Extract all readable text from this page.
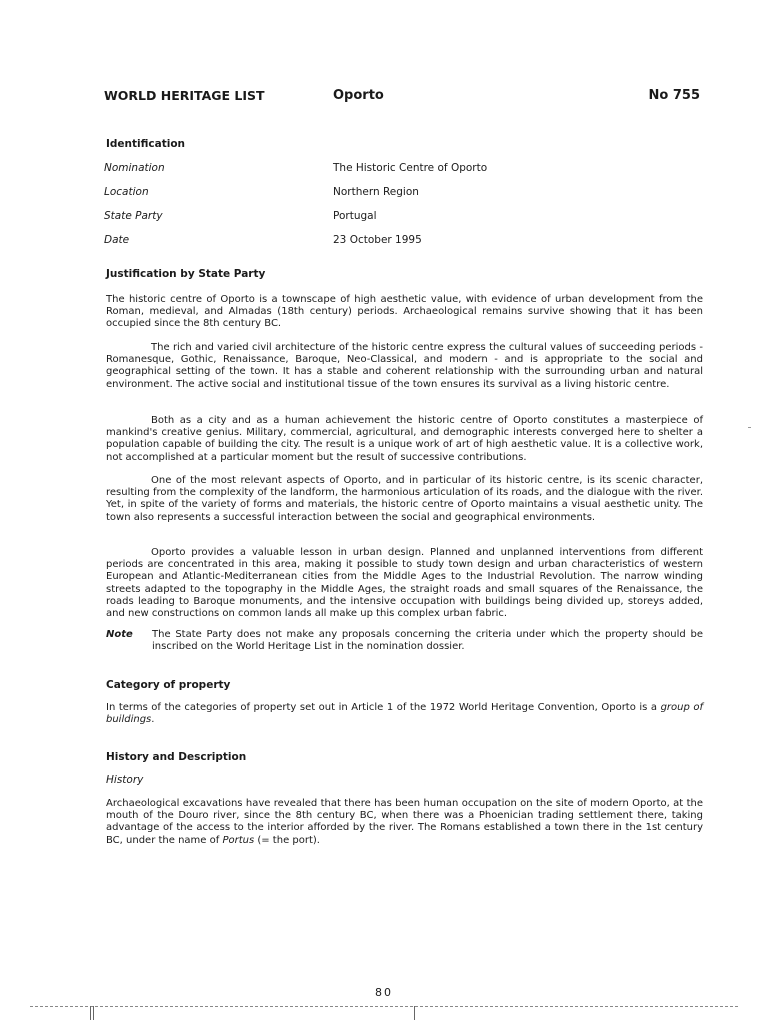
WORLD HERITAGE LIST	Oporto	No 755
Identification
Nomination	The Historic Centre of Oporto
Location	Northern Region
State Party	Portugal
Date	23 October 1995
Justification by State Party
The historic centre of Oporto is a townscape of high aesthetic value, with evidence of urban development from the Roman, medieval, and Almadas (18th century) periods. Archaeological remains survive showing that it has been occupied since the 8th century BC.
The rich and varied civil architecture of the historic centre express the cultural values of succeeding periods - Romanesque, Gothic, Renaissance, Baroque, Neo-Classical, and modern - and is appropriate to the social and geographical setting of the town. It has a stable and coherent relationship with the surrounding urban and natural environment. The active social and institutional tissue of the town ensures its survival as a living historic centre.
Both as a city and as a human achievement the historic centre of Oporto constitutes a masterpiece of mankind's creative genius. Military, commercial, agricultural, and demographic interests converged here to shelter a population capable of building the city. The result is a unique work of art of high aesthetic value. It is a collective work, not accomplished at a particular moment but the result of successive contributions.
One of the most relevant aspects of Oporto, and in particular of its historic centre, is its scenic character, resulting from the complexity of the landform, the harmonious articulation of its roads, and the dialogue with the river. Yet, in spite of the variety of forms and materials, the historic centre of Oporto maintains a visual aesthetic unity. The town also represents a successful interaction between the social and geographical environments.
Oporto provides a valuable lesson in urban design. Planned and unplanned interventions from different periods are concentrated in this area, making it possible to study town design and urban characteristics of western European and Atlantic-Mediterranean cities from the Middle Ages to the Industrial Revolution. The narrow winding streets adapted to the topography in the Middle Ages, the straight roads and small squares of the Renaissance, the roads leading to Baroque monuments, and the intensive occupation with buildings being divided up, storeys added, and new constructions on common lands all make up this complex urban fabric.
Note The State Party does not make any proposals concerning the criteria under which the property should be inscribed on the World Heritage List in the nomination dossier.
Category of property
In terms of the categories of property set out in Article 1 of the 1972 World Heritage Convention, Oporto is a group of buildings.
History and Description
History
Archaeological excavations have revealed that there has been human occupation on the site of modern Oporto, at the mouth of the Douro river, since the 8th century BC, when there was a Phoenician trading settlement there, taking advantage of the access to the interior afforded by the river. The Romans established a town there in the 1st century BC, under the name of Portus (= the port).
80
